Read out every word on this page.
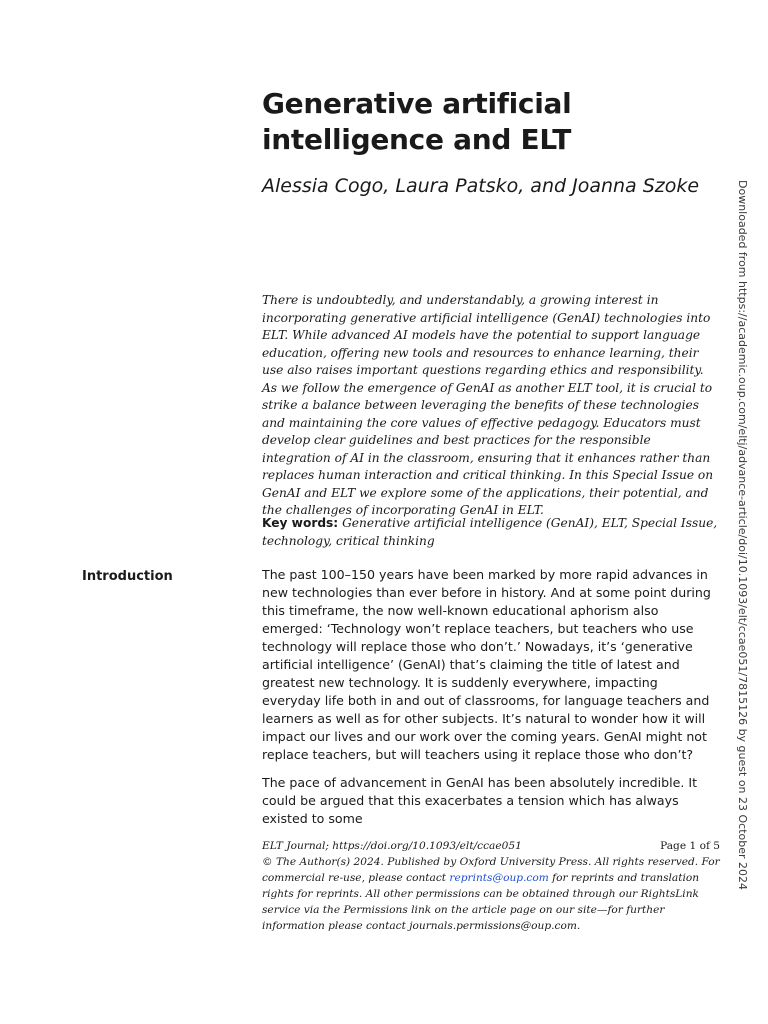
Generative artificial intelligence and ELT
Alessia Cogo, Laura Patsko, and Joanna Szoke
There is undoubtedly, and understandably, a growing interest in incorporating generative artificial intelligence (GenAI) technologies into ELT. While advanced AI models have the potential to support language education, offering new tools and resources to enhance learning, their use also raises important questions regarding ethics and responsibility. As we follow the emergence of GenAI as another ELT tool, it is crucial to strike a balance between leveraging the benefits of these technologies and maintaining the core values of effective pedagogy. Educators must develop clear guidelines and best practices for the responsible integration of AI in the classroom, ensuring that it enhances rather than replaces human interaction and critical thinking. In this Special Issue on GenAI and ELT we explore some of the applications, their potential, and the challenges of incorporating GenAI in ELT.
Key words: Generative artificial intelligence (GenAI), ELT, Special Issue, technology, critical thinking
Introduction	The past 100–150 years have been marked by more rapid advances in new technologies than ever before in history. And at some point during this timeframe, the now well-known educational aphorism also emerged: ‘Technology won’t replace teachers, but teachers who use technology will replace those who don’t.’ Nowadays, it’s ‘generative artificial intelligence’ (GenAI) that’s claiming the title of latest and greatest new technology. It is suddenly everywhere, impacting everyday life both in and out of classrooms, for language teachers and learners as well as for other subjects. It’s natural to wonder how it will impact our lives and our work over the coming years. GenAI might not replace teachers, but will teachers using it replace those who don’t?

The pace of advancement in GenAI has been absolutely incredible. It could be argued that this exacerbates a tension which has always existed to some

ELT Journal; https://doi.org/10.1093/elt/ccae051	Page 1 of 5
© The Author(s) 2024. Published by Oxford University Press. All rights reserved. For commercial re-use, please contact reprints@oup.com for reprints and translation rights for reprints. All other permissions can be obtained through our RightsLink service via the Permissions link on the article page on our site—for further information please contact journals.permissions@oup.com.
Downloaded from https://academic.oup.com/eltj/advance-article/doi/10.1093/elt/ccae051/7815126 by guest on 23 October 2024
